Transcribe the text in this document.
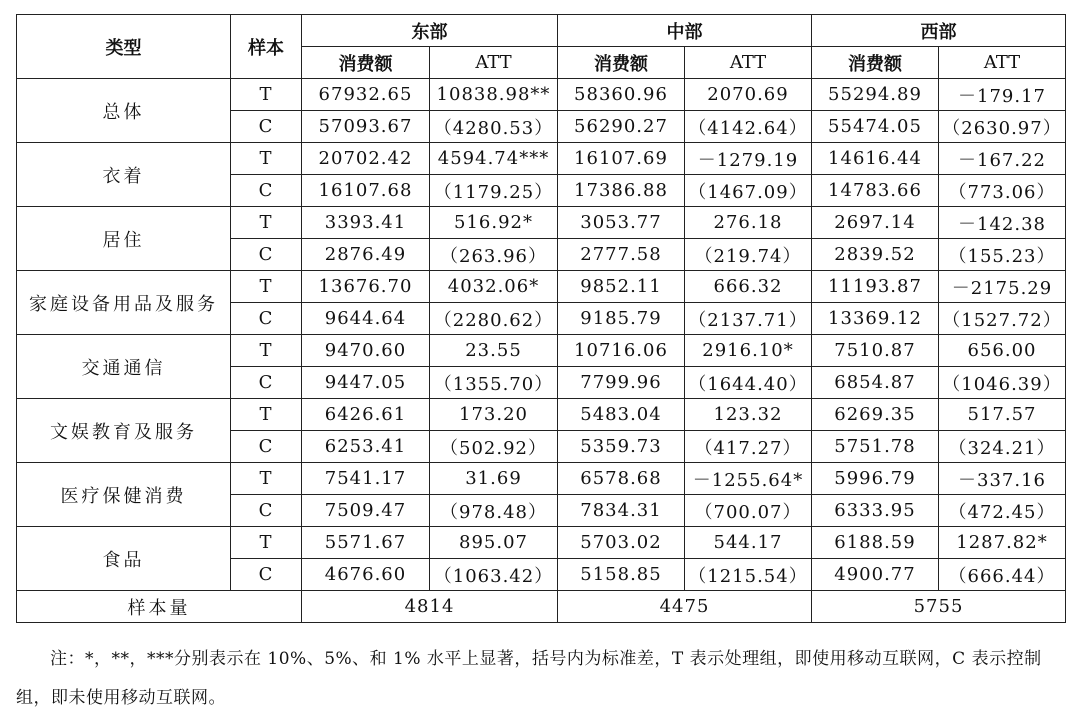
类型	样本	东部		中部		西部	
		消费额	ATT	消费额	ATT	消费额	ATT
总体	T	67932.65	10838.98**	58360.96	2070.69	55294.89	－179.17
	C	57093.67	（4280.53）	56290.27	（4142.64）	55474.05	（2630.97）
衣着	T	20702.42	4594.74***	16107.69	－1279.19	14616.44	－167.22
	C	16107.68	（1179.25）	17386.88	（1467.09）	14783.66	（773.06）
居住	T	3393.41	516.92*	3053.77	276.18	2697.14	－142.38
	C	2876.49	（263.96）	2777.58	（219.74）	2839.52	（155.23）
家庭设备用品及服务	T	13676.70	4032.06*	9852.11	666.32	11193.87	－2175.29
	C	9644.64	（2280.62）	9185.79	（2137.71）	13369.12	（1527.72）
交通通信	T	9470.60	23.55	10716.06	2916.10*	7510.87	656.00
	C	9447.05	（1355.70）	7799.96	（1644.40）	6854.87	（1046.39）
文娱教育及服务	T	6426.61	173.20	5483.04	123.32	6269.35	517.57
	C	6253.41	（502.92）	5359.73	（417.27）	5751.78	（324.21）
医疗保健消费	T	7541.17	31.69	6578.68	－1255.64*	5996.79	－337.16
	C	7509.47	（978.48）	7834.31	（700.07）	6333.95	（472.45）
食品	T	5571.67	895.07	5703.02	544.17	6188.59	1287.82*
	C	4676.60	（1063.42）	5158.85	（1215.54）	4900.77	（666.44）
样本量		4814		4475		5755	
注：*，**，***分别表示在 10%、5%、和 1% 水平上显著，括号内为标准差，T 表示处理组，即使用移动互联网，C 表示控制组，即未使用移动互联网。
